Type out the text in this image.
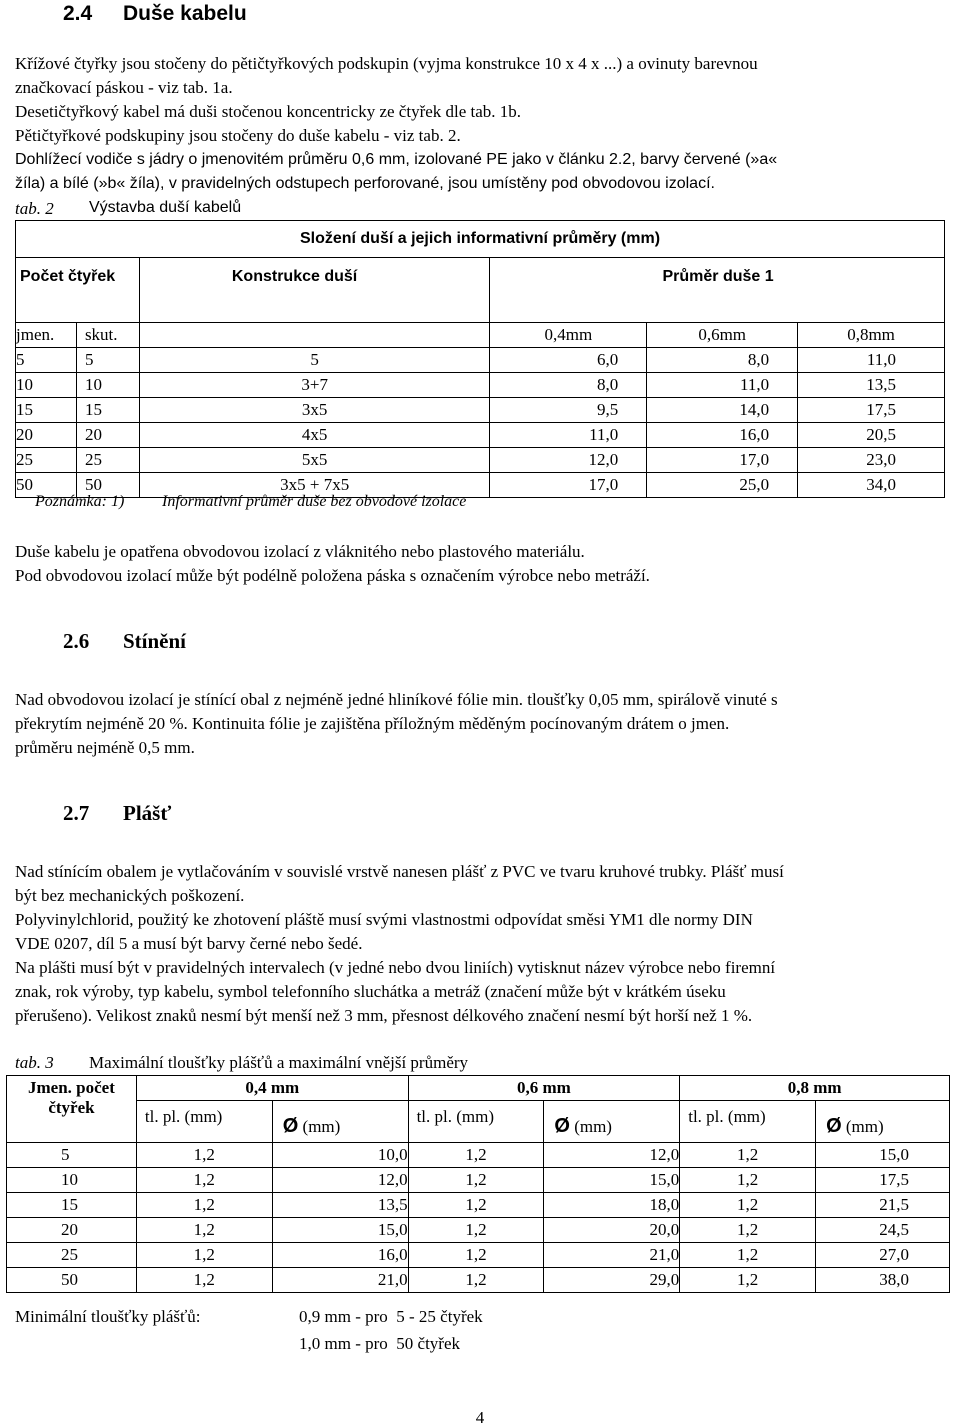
2.4 Duše kabelu
Křížové čtyřky jsou stočeny do pětičtyřkových podskupin (vyjma konstrukce 10 x 4 x ...) a ovinuty barevnou
značkovací páskou - viz tab. 1a.
Desetičtyřkový kabel má duši stočenou koncentricky ze čtyřek dle tab. 1b.
Pětičtyřkové podskupiny jsou stočeny do duše kabelu - viz tab. 2.
Dohlížecí vodiče s jádry o jmenovitém průměru 0,6 mm, izolované PE jako v článku 2.2, barvy červené (»a«
žíla) a bílé (»b« žíla), v pravidelných odstupech perforované, jsou umístěny pod obvodovou izolací.
tab. 2 Výstavba duší kabelů
Složení duší a jejich informativní průměry (mm)					
Počet čtyřek		Konstrukce duší	Průměr duše 1		
jmen.	skut.		0,4mm	0,6mm	0,8mm
5	5	5	6,0	8,0	11,0
10	10	3+7	8,0	11,0	13,5
15	15	3x5	9,5	14,0	17,5
20	20	4x5	11,0	16,0	20,5
25	25	5x5	12,0	17,0	23,0
50	50	3x5 + 7x5	17,0	25,0	34,0
Poznámka: 1) Informativní průměr duše bez obvodové izolace
Duše kabelu je opatřena obvodovou izolací z vláknitého nebo plastového materiálu.
Pod obvodovou izolací může být podélně položena páska s označením výrobce nebo metráží.
2.6 Stínění
Nad obvodovou izolací je stínící obal z nejméně jedné hliníkové fólie min. tloušťky 0,05 mm, spirálově vinuté s
překrytím nejméně 20 %. Kontinuita fólie je zajištěna příložným měděným pocínovaným drátem o jmen.
průměru nejméně 0,5 mm.
2.7 Plášť
Nad stínícím obalem je vytlačováním v souvislé vrstvě nanesen plášť z PVC ve tvaru kruhové trubky. Plášť musí
být bez mechanických poškození.
Polyvinylchlorid, použitý ke zhotovení pláště musí svými vlastnostmi odpovídat směsi YM1 dle normy DIN
VDE 0207, díl 5 a musí být barvy černé nebo šedé.
Na plášti musí být v pravidelných intervalech (v jedné nebo dvou liniích) vytisknut název výrobce nebo firemní
znak, rok výroby, typ kabelu, symbol telefonního sluchátka a metráž (značení může být v krátkém úseku
přerušeno). Velikost znaků nesmí být menší než 3 mm, přesnost délkového značení nesmí být horší než 1 %.
tab. 3 Maximální tloušťky plášťů a maximální vnější průměry
Jmen. počet čtyřek	0,4 mm		0,6 mm		0,8 mm	
	tl. pl. (mm)	Ø (mm)	tl. pl. (mm)	Ø (mm)	tl. pl. (mm)	Ø (mm)
5	1,2	10,0	1,2	12,0	1,2	15,0
10	1,2	12,0	1,2	15,0	1,2	17,5
15	1,2	13,5	1,2	18,0	1,2	21,5
20	1,2	15,0	1,2	20,0	1,2	24,5
25	1,2	16,0	1,2	21,0	1,2	27,0
50	1,2	21,0	1,2	29,0	1,2	38,0
Minimální tloušťky plášťů:	0,9 mm - pro  5 - 25 čtyřek
1,0 mm - pro  50 čtyřek
4
